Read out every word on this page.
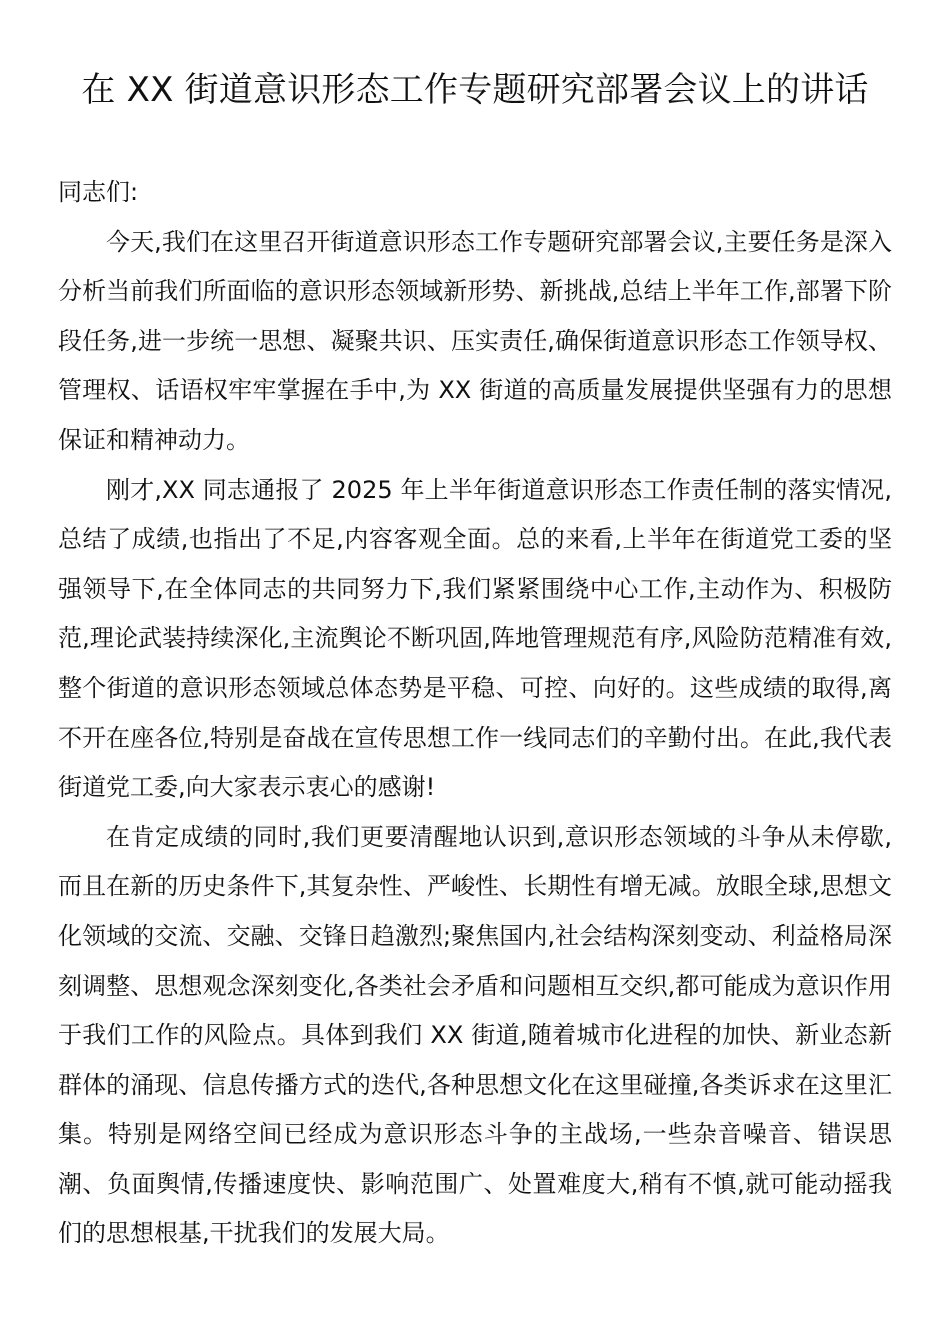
在 XX 街道意识形态工作专题研究部署会议上的讲话

同志们:

今天,我们在这里召开街道意识形态工作专题研究部署会议,主要任务是深入分析当前我们所面临的意识形态领域新形势、新挑战,总结上半年工作,部署下阶段任务,进一步统一思想、凝聚共识、压实责任,确保街道意识形态工作领导权、管理权、话语权牢牢掌握在手中,为 XX 街道的高质量发展提供坚强有力的思想保证和精神动力。

刚才,XX 同志通报了 2025 年上半年街道意识形态工作责任制的落实情况,总结了成绩,也指出了不足,内容客观全面。总的来看,上半年在街道党工委的坚强领导下,在全体同志的共同努力下,我们紧紧围绕中心工作,主动作为、积极防范,理论武装持续深化,主流舆论不断巩固,阵地管理规范有序,风险防范精准有效,整个街道的意识形态领域总体态势是平稳、可控、向好的。这些成绩的取得,离不开在座各位,特别是奋战在宣传思想工作一线同志们的辛勤付出。在此,我代表街道党工委,向大家表示衷心的感谢!

在肯定成绩的同时,我们更要清醒地认识到,意识形态领域的斗争从未停歇,而且在新的历史条件下,其复杂性、严峻性、长期性有增无减。放眼全球,思想文化领域的交流、交融、交锋日趋激烈;聚焦国内,社会结构深刻变动、利益格局深刻调整、思想观念深刻变化,各类社会矛盾和问题相互交织,都可能成为意识作用于我们工作的风险点。具体到我们 XX 街道,随着城市化进程的加快、新业态新群体的涌现、信息传播方式的迭代,各种思想文化在这里碰撞,各类诉求在这里汇集。特别是网络空间已经成为意识形态斗争的主战场,一些杂音噪音、错误思潮、负面舆情,传播速度快、影响范围广、处置难度大,稍有不慎,就可能动摇我们的思想根基,干扰我们的发展大局。
